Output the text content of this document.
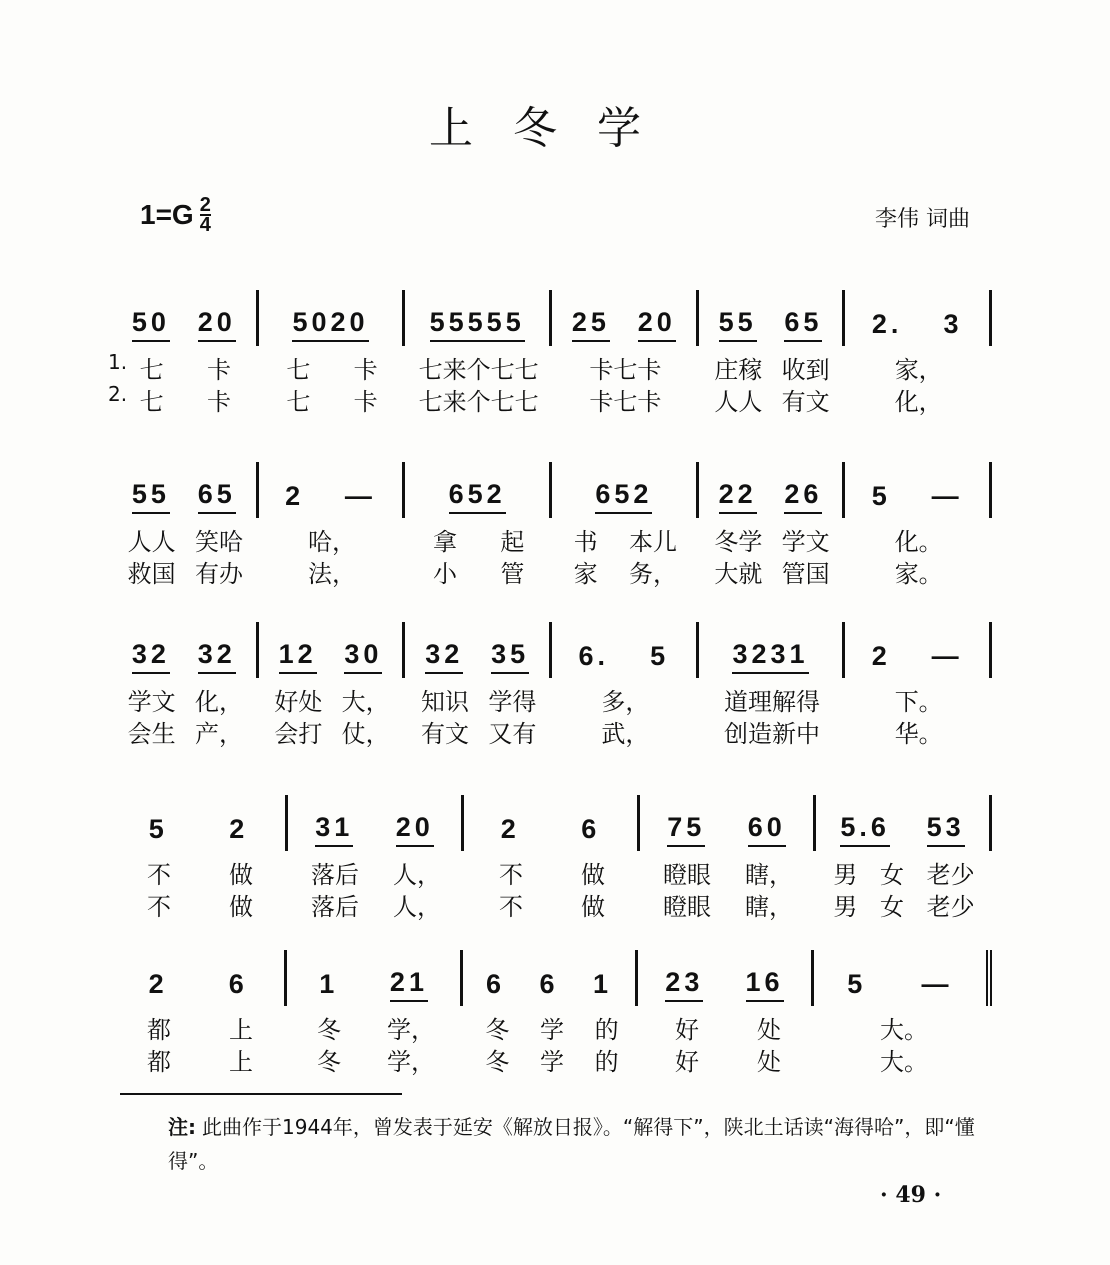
上冬学
$1=G \frac{2}{4}$	李伟 词曲
50 20 5020 55555 25 20 55 65 2. 3
1. 七 卡 七 卡 七来个七七 卡七卡 庄稼 收到	家，
2. 七 卡 七 卡 七来个七七 卡七卡 人人 有文	化，
55 65 2 —	652	652 22 26 5 —
人人 笑哈	哈，	拿 起 书 本儿 冬学 学文	化。
救国 有办	法，	小 管 家 务， 大就 管国	家。
32 32 12 30 32 35 6. 5 3231 2 —
学文 化， 好处 大， 知识 学得	多，	道理解得	下。
会生 产， 会打 仗， 有文 又有	武，	创造新中	华。
5 2 31 20 2 6 75 60 5.6 53
不 做 落后 人， 不 做 瞪眼 瞎， 男 女 老少
不 做 落后 人， 不 做 瞪眼 瞎， 男 女 老少
2 6	1 21 6 6 1 23 16 5 —
都 上	冬 学， 冬 学 的 好 处	大。
都 上	冬 学， 冬 学 的 好 处	大。
注: 此曲作于1944年，曾发表于延安《解放日报》。“解得下”，陕北土话读“海得哈”，即“懂得”。
· 49 ·
